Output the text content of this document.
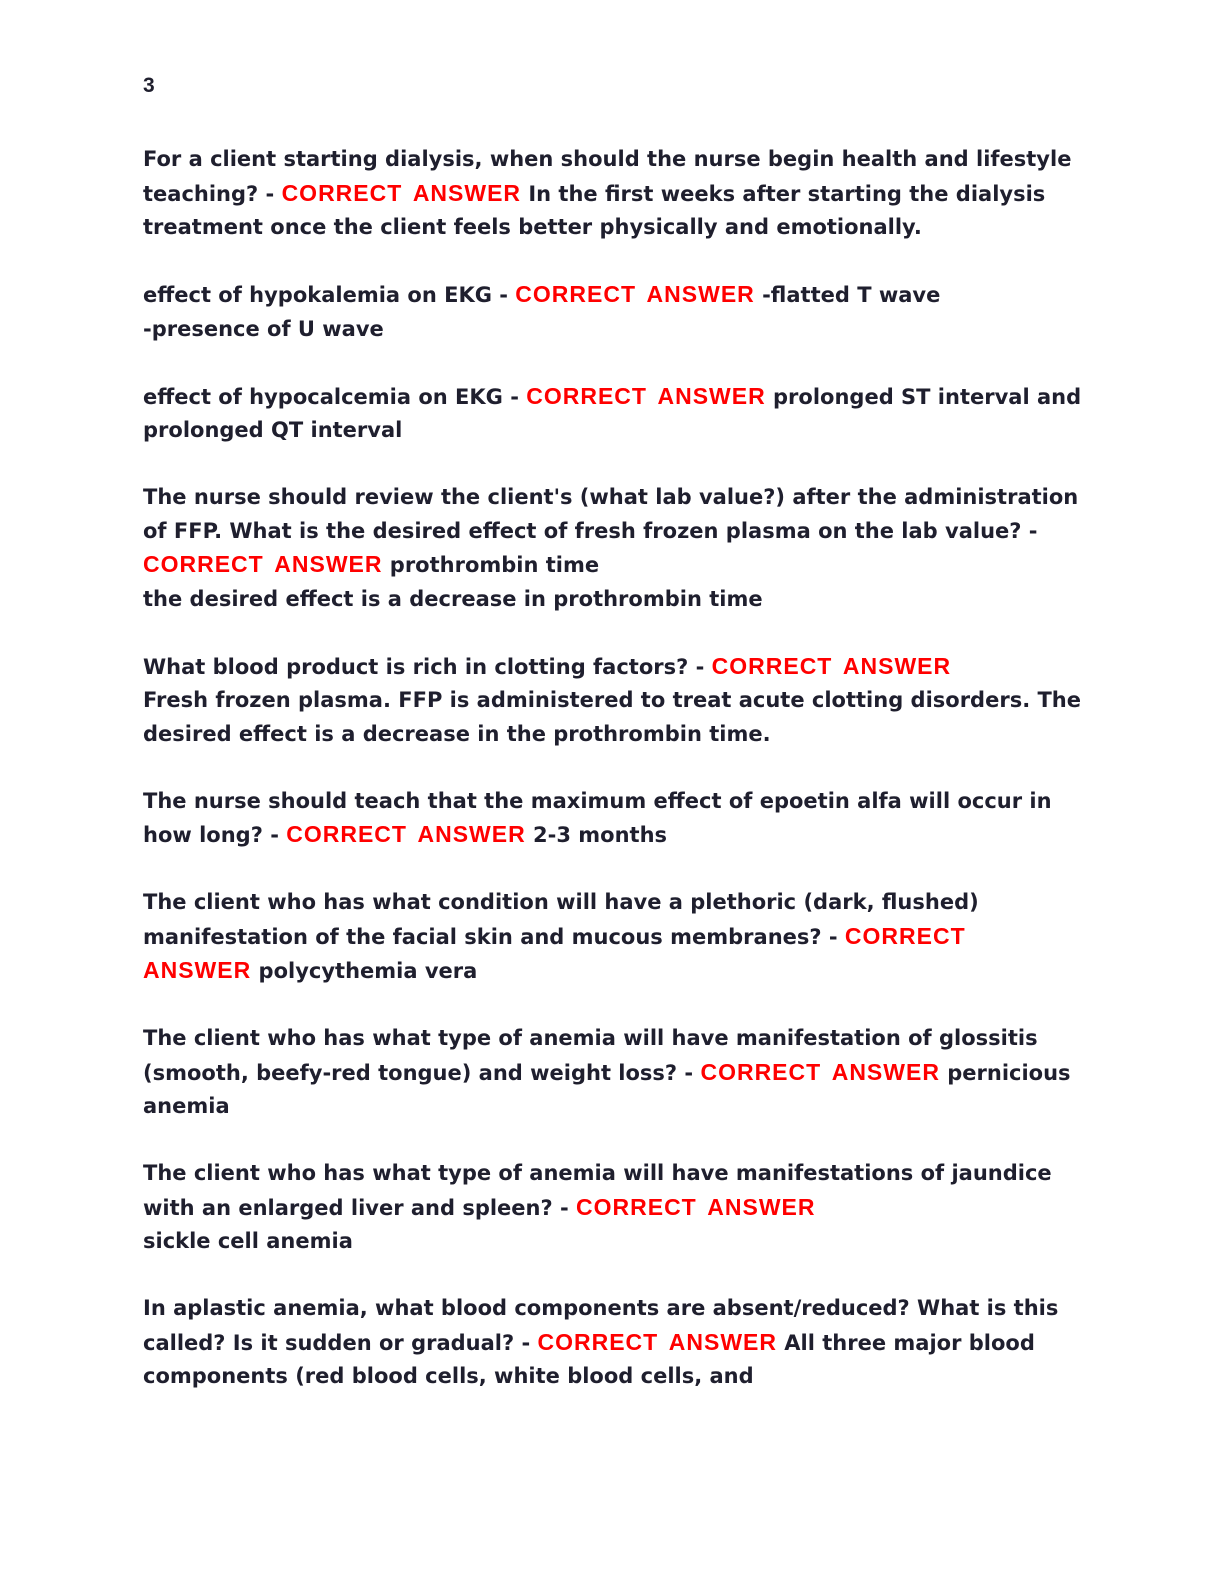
3

For a client starting dialysis, when should the nurse begin health and lifestyle teaching? - CORRECT ANSWER In the first weeks after starting the dialysis treatment once the client feels better physically and emotionally.

effect of hypokalemia on EKG - CORRECT ANSWER -flatted T wave
-presence of U wave

effect of hypocalcemia on EKG - CORRECT ANSWER prolonged ST interval and prolonged QT interval

The nurse should review the client's (what lab value?) after the administration of FFP. What is the desired effect of fresh frozen plasma on the lab value? - CORRECT ANSWER prothrombin time
the desired effect is a decrease in prothrombin time

What blood product is rich in clotting factors? - CORRECT ANSWER
Fresh frozen plasma. FFP is administered to treat acute clotting disorders. The desired effect is a decrease in the prothrombin time.

The nurse should teach that the maximum effect of epoetin alfa will occur in how long? - CORRECT ANSWER 2-3 months

The client who has what condition will have a plethoric (dark, flushed) manifestation of the facial skin and mucous membranes? - CORRECT ANSWER polycythemia vera

The client who has what type of anemia will have manifestation of glossitis (smooth, beefy-red tongue) and weight loss? - CORRECT ANSWER pernicious anemia

The client who has what type of anemia will have manifestations of jaundice with an enlarged liver and spleen? - CORRECT ANSWER
sickle cell anemia

In aplastic anemia, what blood components are absent/reduced? What is this called? Is it sudden or gradual? - CORRECT ANSWER All three major blood components (red blood cells, white blood cells, and
